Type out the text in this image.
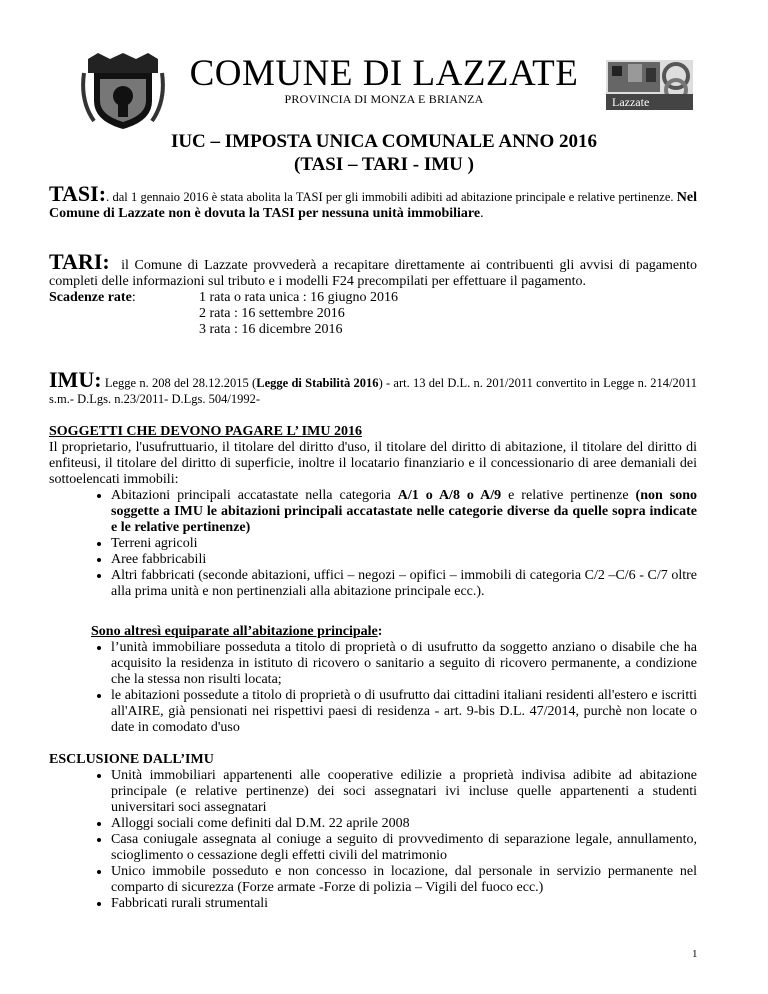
COMUNE DI LAZZATE
PROVINCIA DI MONZA E BRIANZA	Lazzate
IUC – IMPOSTA UNICA COMUNALE ANNO 2016
(TASI – TARI - IMU )
TASI:. dal 1 gennaio 2016 è stata abolita la TASI per gli immobili adibiti ad abitazione principale e relative pertinenze. Nel Comune di Lazzate non è dovuta la TASI per nessuna unità immobiliare.
TARI: il Comune di Lazzate provvederà a recapitare direttamente ai contribuenti gli avvisi di pagamento completi delle informazioni sul tributo e i modelli F24 precompilati per effettuare il pagamento.
Scadenze rate:	1 rata o rata unica : 16 giugno 2016
2 rata : 16 settembre 2016
3 rata : 16 dicembre 2016
IMU: Legge n. 208 del 28.12.2015 (Legge di Stabilità 2016) - art. 13 del D.L. n. 201/2011 convertito in Legge n. 214/2011 s.m.- D.Lgs. n.23/2011- D.Lgs. 504/1992-
SOGGETTI CHE DEVONO PAGARE L’ IMU 2016
Il proprietario, l'usufruttuario, il titolare del diritto d'uso, il titolare del diritto di abitazione, il titolare del diritto di enfiteusi, il titolare del diritto di superficie, inoltre il locatario finanziario e il concessionario di aree demaniali dei sottoelencati immobili:
• Abitazioni principali accatastate nella categoria A/1 o A/8 o A/9 e relative pertinenze (non sono soggette a IMU le abitazioni principali accatastate nelle categorie diverse da quelle sopra indicate e le relative pertinenze)
• Terreni agricoli
• Aree fabbricabili
• Altri fabbricati (seconde abitazioni, uffici – negozi – opifici – immobili di categoria C/2 –C/6 - C/7 oltre alla prima unità e non pertinenziali alla abitazione principale ecc.).
Sono altresì equiparate all’abitazione principale:
• l’unità immobiliare posseduta a titolo di proprietà o di usufrutto da soggetto anziano o disabile che ha acquisito la residenza in istituto di ricovero o sanitario a seguito di ricovero permanente, a condizione che la stessa non risulti locata;
• le abitazioni possedute a titolo di proprietà o di usufrutto dai cittadini italiani residenti all'estero e iscritti all'AIRE, già pensionati nei rispettivi paesi di residenza - art. 9-bis D.L. 47/2014, purchè non locate o date in comodato d'uso
ESCLUSIONE DALL’IMU
• Unità immobiliari appartenenti alle cooperative edilizie a proprietà indivisa adibite ad abitazione principale (e relative pertinenze) dei soci assegnatari ivi incluse quelle appartenenti a studenti universitari soci assegnatari
• Alloggi sociali come definiti dal D.M. 22 aprile 2008
• Casa coniugale assegnata al coniuge a seguito di provvedimento di separazione legale, annullamento, scioglimento o cessazione degli effetti civili del matrimonio
• Unico immobile posseduto e non concesso in locazione, dal personale in servizio permanente nel comparto di sicurezza (Forze armate -Forze di polizia – Vigili del fuoco ecc.)
• Fabbricati rurali strumentali
1
